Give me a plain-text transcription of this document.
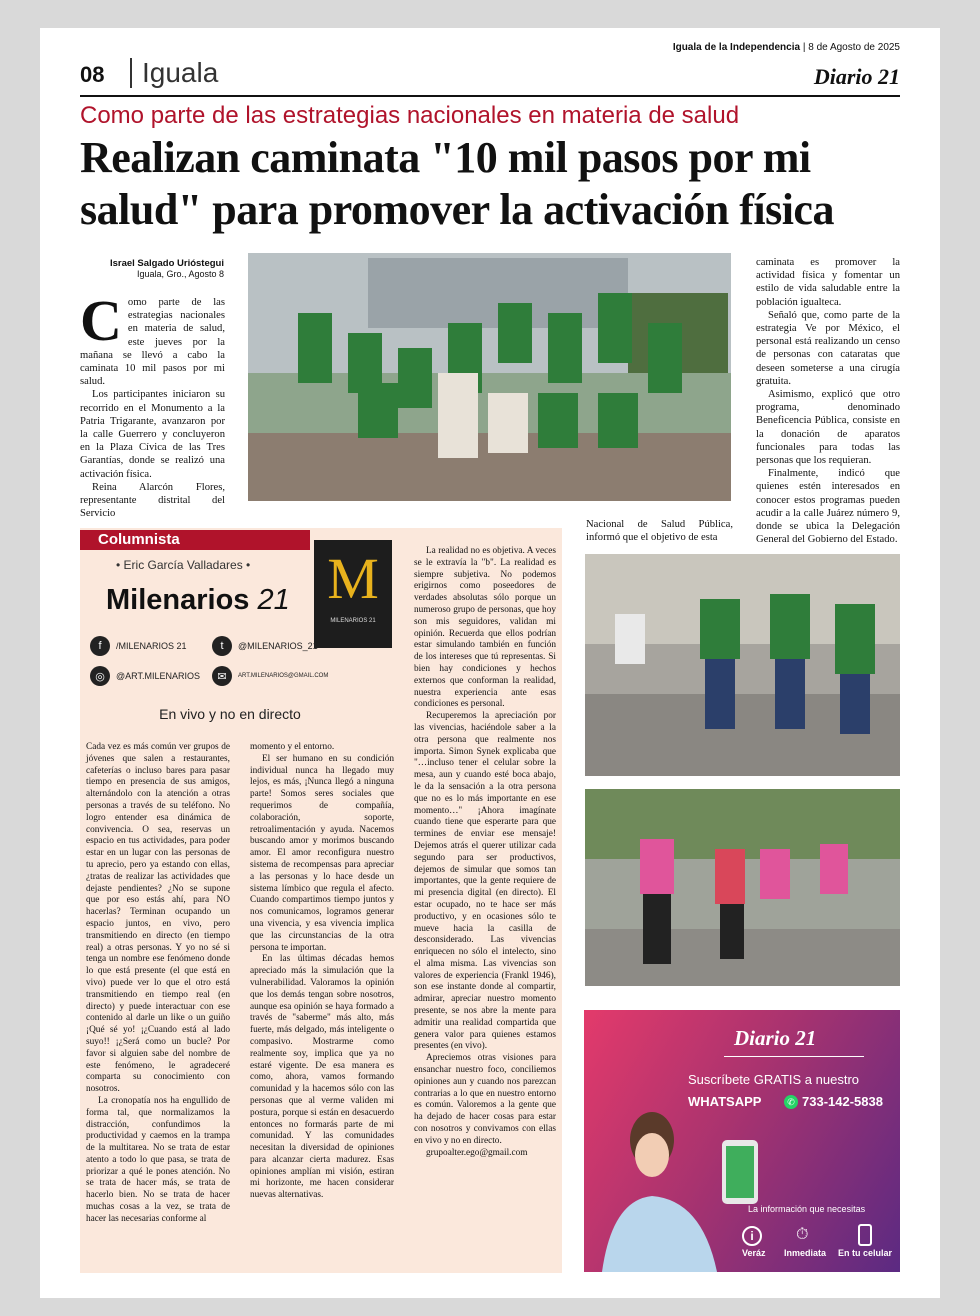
08	Iguala
Iguala de la Independencia | 8 de Agosto de 2025
Diario 21
Como parte de las estrategias nacionales en materia de salud
Realizan caminata "10 mil pasos por mi salud" para promover la activación física
Israel Salgado Urióstegui
Iguala, Gro., Agosto 8

Como parte de las estrategias nacionales en materia de salud, este jueves por la mañana se llevó a cabo la caminata 10 mil pasos por mi salud.

Los participantes iniciaron su recorrido en el Monumento a la Patria Trigarante, avanzaron por la calle Guerrero y concluyeron en la Plaza Cívica de las Tres Garantías, donde se realizó una activación física.

Reina Alarcón Flores, representante distrital del Servicio

caminata es promover la actividad física y fomentar un estilo de vida saludable entre la población igualteca.

Señaló que, como parte de la estrategia Ve por México, el personal está realizando un censo de personas con cataratas que deseen someterse a una cirugía gratuita.

Asimismo, explicó que otro programa, denominado Beneficencia Pública, consiste en la donación de aparatos funcionales para todas las personas que los requieran.

Finalmente, indicó que quienes estén interesados en conocer estos programas pueden acudir a la calle Juárez número 9, donde se ubica la Delegación General del Gobierno del Estado.

Nacional de Salud Pública, informó que el objetivo de esta

Columnista
• Eric García Valladares •
Milenarios 21 M
MILENARIOS 21
f	/MILENARIOS 21	t	@MILENARIOS_21
◎	@ART.MILENARIOS	✉	ART.MILENARIOS@GMAIL.COM
En vivo y no en directo

Cada vez es más común ver grupos de jóvenes que salen a restaurantes, cafeterías o incluso bares para pasar tiempo en presencia de sus amigos, alternándolo con la atención a otras personas a través de su teléfono. No logro entender esa dinámica de convivencia. O sea, reservas un espacio en tus actividades, para poder estar en un lugar con las personas de tu aprecio, pero ya estando con ellas, ¿tratas de realizar las actividades que dejaste pendientes? ¿No se supone que por eso estás ahí, para NO hacerlas? Terminan ocupando un espacio juntos, en vivo, pero transmitiendo en directo (en tiempo real) a otras personas. Y yo no sé si tenga un nombre ese fenómeno donde lo que está presente (el que está en vivo) puede ver lo que el otro está transmitiendo en tiempo real (en directo) y puede interactuar con ese contenido al darle un like o un guiño ¡Qué sé yo! ¡¿Cuando está al lado suyo!! ¡¿Será como un bucle? Por favor si alguien sabe del nombre de este fenómeno, le agradeceré comparta su conocimiento con nosotros.

La cronopatía nos ha engullido de forma tal, que normalizamos la distracción, confundimos la productividad y caemos en la trampa de la multitarea. No se trata de estar atento a todo lo que pasa, se trata de priorizar a qué le pones atención. No se trata de hacer más, se trata de hacerlo bien. No se trata de hacer muchas cosas a la vez, se trata de hacer las necesarias conforme al

momento y el entorno.

El ser humano en su condición individual nunca ha llegado muy lejos, es más, ¡Nunca llegó a ninguna parte! Somos seres sociales que requerimos de compañía, colaboración, soporte, retroalimentación y ayuda. Nacemos buscando amor y morimos buscando amor. El amor reconfigura nuestro sistema de recompensas para apreciar a las personas y lo hace desde un sistema límbico que regula el afecto. Cuando compartimos tiempo juntos y nos comunicamos, logramos generar una vivencia, y esa vivencia implica que las circunstancias de la otra persona te importan.

En las últimas décadas hemos apreciado más la simulación que la vulnerabilidad. Valoramos la opinión que los demás tengan sobre nosotros, aunque esa opinión se haya formado a través de "saberme" más alto, más fuerte, más delgado, más inteligente o compasivo. Mostrarme como realmente soy, implica que ya no estaré vigente. De esa manera es como, ahora, vamos formando comunidad y la hacemos sólo con las personas que al verme validen mi postura, porque si están en desacuerdo entonces no formarás parte de mi comunidad. Y las comunidades necesitan la diversidad de opiniones para alcanzar cierta madurez. Esas opiniones amplían mi visión, estiran mi horizonte, me hacen considerar nuevas alternativas.

La realidad no es objetiva. A veces se le extravía la "b". La realidad es siempre subjetiva. No podemos erigirnos como poseedores de verdades absolutas sólo porque un numeroso grupo de personas, que hoy son mis seguidores, validan mi opinión. Recuerda que ellos podrían estar simulando también en función de los intereses que tú representas. Si bien hay condiciones y hechos externos que conforman la realidad, nuestra experiencia ante esas condiciones es personal.

Recuperemos la apreciación por las vivencias, haciéndole saber a la otra persona que realmente nos importa. Simon Synek explicaba que "…incluso tener el celular sobre la mesa, aun y cuando esté boca abajo, le da la sensación a la otra persona que no es lo más importante en ese momento…" ¡Ahora imagínate cuando tiene que esperarte para que termines de enviar ese mensaje! Dejemos atrás el querer utilizar cada segundo para ser productivos, dejemos de simular que somos tan importantes, que la gente requiere de mi presencia digital (en directo). El estar ocupado, no te hace ser más productivo, y en ocasiones sólo te mueve hacia la casilla de desconsiderado. Las vivencias enriquecen no sólo el intelecto, sino el alma misma. Las vivencias son valores de experiencia (Frankl 1946), son ese instante donde al compartir, admirar, apreciar nuestro momento presente, se nos abre la mente para admitir una realidad compartida que genera valor para quienes estamos presentes (en vivo).

Apreciemos otras visiones para ensanchar nuestro foco, conciliemos opiniones aun y cuando nos parezcan contrarias a lo que en nuestro entorno es común. Valoremos a la gente que ha dejado de hacer cosas para estar con nosotros y convivamos con ellas en vivo y no en directo.

grupoalter.ego@gmail.com

Diario 21
Suscríbete GRATIS a nuestro
WHATSAPP	✆ 733-142-5838
La información que necesitas
i	⏱
Veráz Inmediata En tu celular
